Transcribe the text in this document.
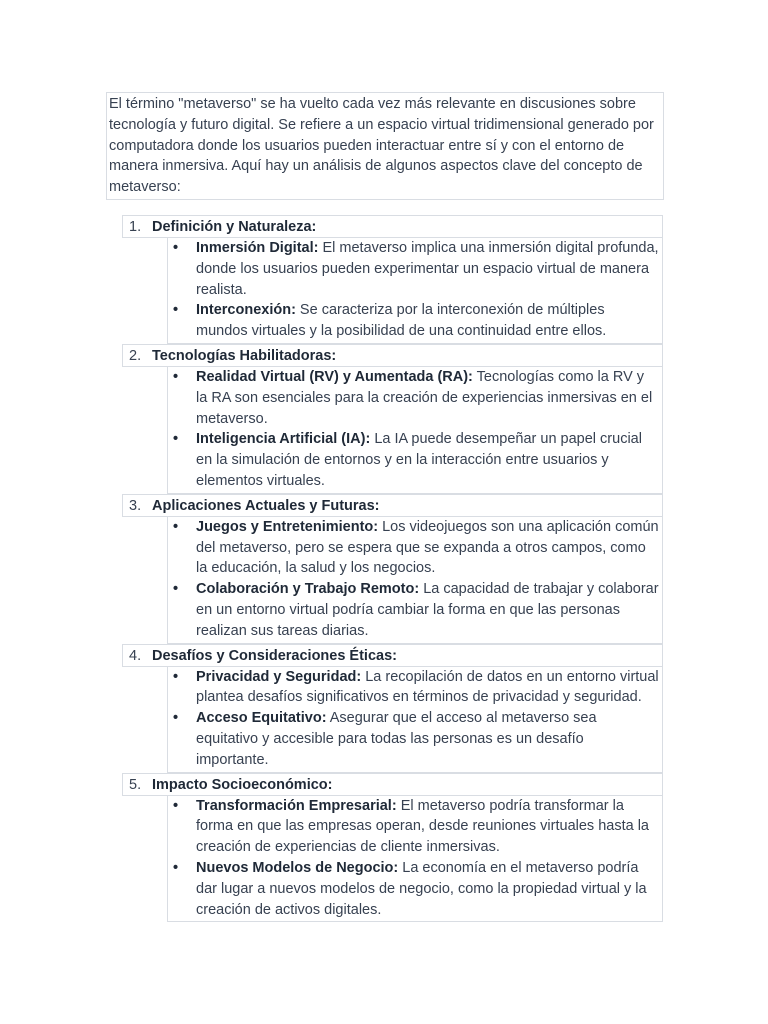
El término "metaverso" se ha vuelto cada vez más relevante en discusiones sobre tecnología y futuro digital. Se refiere a un espacio virtual tridimensional generado por computadora donde los usuarios pueden interactuar entre sí y con el entorno de manera inmersiva. Aquí hay un análisis de algunos aspectos clave del concepto de metaverso:

1. Definición y Naturaleza:
• Inmersión Digital: El metaverso implica una inmersión digital profunda, donde los usuarios pueden experimentar un espacio virtual de manera realista.
• Interconexión: Se caracteriza por la interconexión de múltiples mundos virtuales y la posibilidad de una continuidad entre ellos.
2. Tecnologías Habilitadoras:
• Realidad Virtual (RV) y Aumentada (RA): Tecnologías como la RV y la RA son esenciales para la creación de experiencias inmersivas en el metaverso.
• Inteligencia Artificial (IA): La IA puede desempeñar un papel crucial en la simulación de entornos y en la interacción entre usuarios y elementos virtuales.
3. Aplicaciones Actuales y Futuras:
• Juegos y Entretenimiento: Los videojuegos son una aplicación común del metaverso, pero se espera que se expanda a otros campos, como la educación, la salud y los negocios.
• Colaboración y Trabajo Remoto: La capacidad de trabajar y colaborar en un entorno virtual podría cambiar la forma en que las personas realizan sus tareas diarias.
4. Desafíos y Consideraciones Éticas:
• Privacidad y Seguridad: La recopilación de datos en un entorno virtual plantea desafíos significativos en términos de privacidad y seguridad.
• Acceso Equitativo: Asegurar que el acceso al metaverso sea equitativo y accesible para todas las personas es un desafío importante.
5. Impacto Socioeconómico:
• Transformación Empresarial: El metaverso podría transformar la forma en que las empresas operan, desde reuniones virtuales hasta la creación de experiencias de cliente inmersivas.
• Nuevos Modelos de Negocio: La economía en el metaverso podría dar lugar a nuevos modelos de negocio, como la propiedad virtual y la creación de activos digitales.
